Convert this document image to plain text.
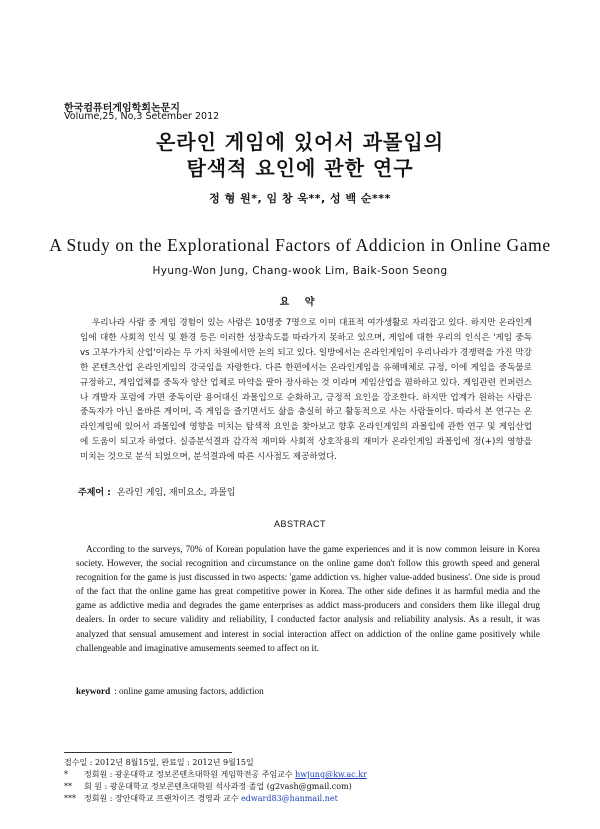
한국컴퓨터게임학회논문지
Volume,25, No,3 Setember 2012
온라인 게임에 있어서 과몰입의
탐색적 요인에 관한 연구
정 형 원*, 임 창 욱**, 성 백 순***
A Study on the Explorational Factors of Addicion in Online Game
Hyung-Won Jung, Chang-wook Lim, Baik-Soon Seong
요 약
우리나라 사람 중 게임 경험이 있는 사람은 10명중 7명으로 이미 대표적 여가생활로 자리잡고 있다. 하지만 온라인게임에 대한 사회적 인식 및 환경 등은 이러한 성장속도를 따라가지 못하고 있으며, 게임에 대한 우리의 인식은 '게임 중독 vs 고부가가치 산업'이라는 두 가지 차원에서만 논의 되고 있다. 일방에서는 온라인게임이 우리나라가 경쟁력을 가진 막강한 콘텐츠산업 온라인게임의 강국임을 자랑한다. 다른 한편에서는 온라인게임을 유해매체로 규정, 이에 게임을 중독물로 규정하고, 게임업체를 중독자 양산 업체로 마약을 팔아 장사하는 것 이라며 게임산업을 폄하하고 있다. 게임관련 컨퍼런스나 개발자 포럼에 가면 중독이란 용어대신 과몰입으로 순화하고, 긍정적 요인을 강조한다. 하지만 업계가 원하는 사람은 중독자가 아닌 올바른 게이머, 즉 게임을 즐기면서도 삶을 충실히 하고 활동적으로 사는 사람들이다. 따라서 본 연구는 온라인게임에 있어서 과몰입에 영향을 미치는 탐색적 요인을 찾아보고 향후 온라인게임의 과몰입에 관한 연구 및 게임산업에 도움이 되고자 하였다. 실증분석결과 감각적 재미와 사회적 상호작용의 재미가 온라인게임 과몰입에 정(+)의 영향을 미치는 것으로 분석 되었으며, 분석결과에 따른 시사점도 제공하였다.
주제어 : 온라인 게임, 재미요소, 과몰입
ABSTRACT
According to the surveys, 70% of Korean population have the game experiences and it is now common leisure in Korea society. However, the social recognition and circumstance on the online game don't follow this growth speed and general recognition for the game is just discussed in two aspects: 'game addiction vs. higher value-added business'. One side is proud of the fact that the online game has great competitive power in Korea. The other side defines it as harmful media and the game as addictive media and degrades the game enterprises as addict mass-producers and considers them like illegal drug dealers. In order to secure validity and reliability, I conducted factor analysis and reliability analysis. As a result, it was analyzed that sensual amusement and interest in social interaction affect on addiction of the online game positively while challengeable and imaginative amusements seemed to affect on it.
keyword : online game amusing factors, addiction
접수일 : 2012년 8월15일, 완료일 : 2012년 9월15일
* 정회원 : 광운대학교 정보콘텐츠대학원 게임학전공 주임교수 hwjung@kw.ac.kr
** 회 원 : 광운대학교 정보콘텐츠대학원 석사과정 졸업 (g2vash@gmail.com)
*** 정회원 : 장안대학교 프랜차이즈 경영과 교수 edward83@hanmail.net
